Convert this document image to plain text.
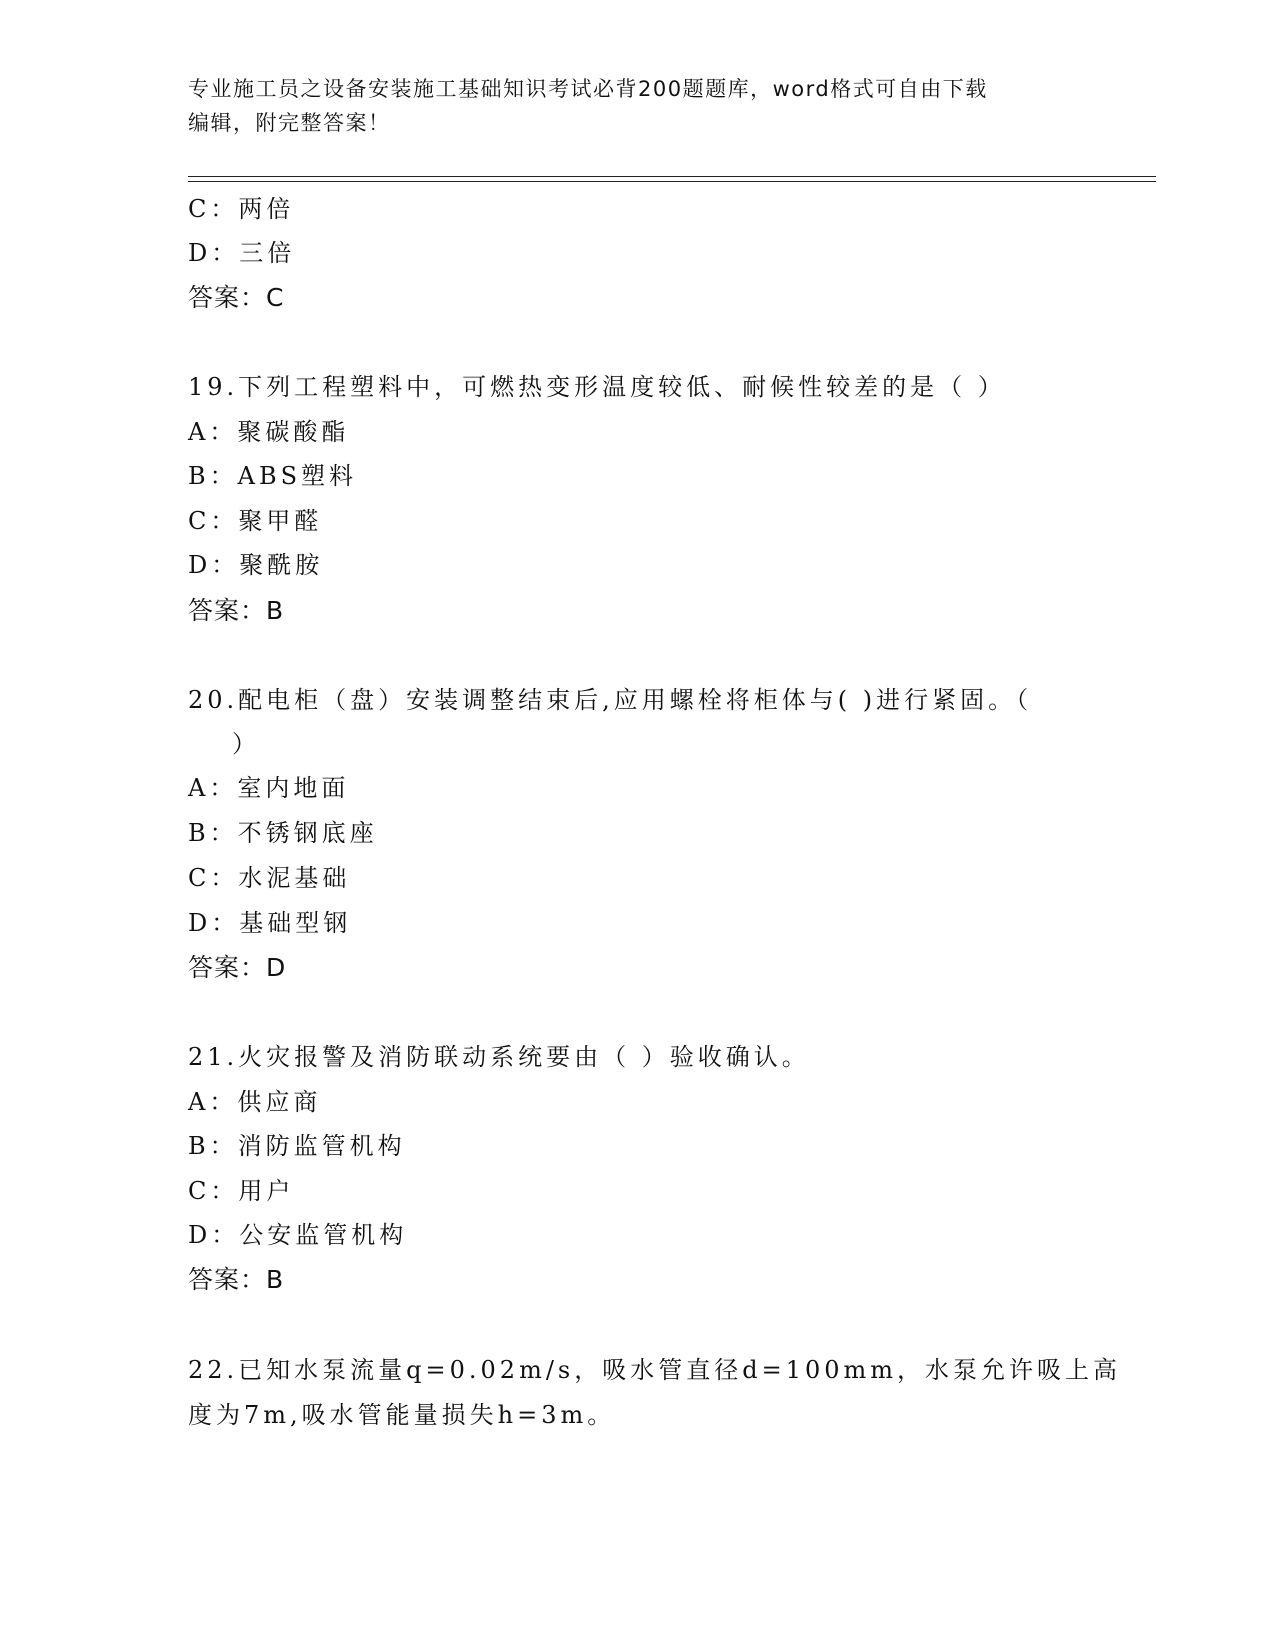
专业施工员之设备安装施工基础知识考试必背200题题库，word格式可自由下载
编辑，附完整答案！
C：两倍
D：三倍
答案：C
19.下列工程塑料中，可燃热变形温度较低、耐候性较差的是（ ）
A：聚碳酸酯
B：ABS塑料
C：聚甲醛
D：聚酰胺
答案：B
20.配电柜（盘）安装调整结束后,应用螺栓将柜体与( )进行紧固。（
）
A：室内地面
B：不锈钢底座
C：水泥基础
D：基础型钢
答案：D
21.火灾报警及消防联动系统要由（ ）验收确认。
A：供应商
B：消防监管机构
C：用户
D：公安监管机构
答案：B
22.已知水泵流量q=0.02m/s，吸水管直径d=100mm，水泵允许吸上高
度为7m,吸水管能量损失h=3m。
